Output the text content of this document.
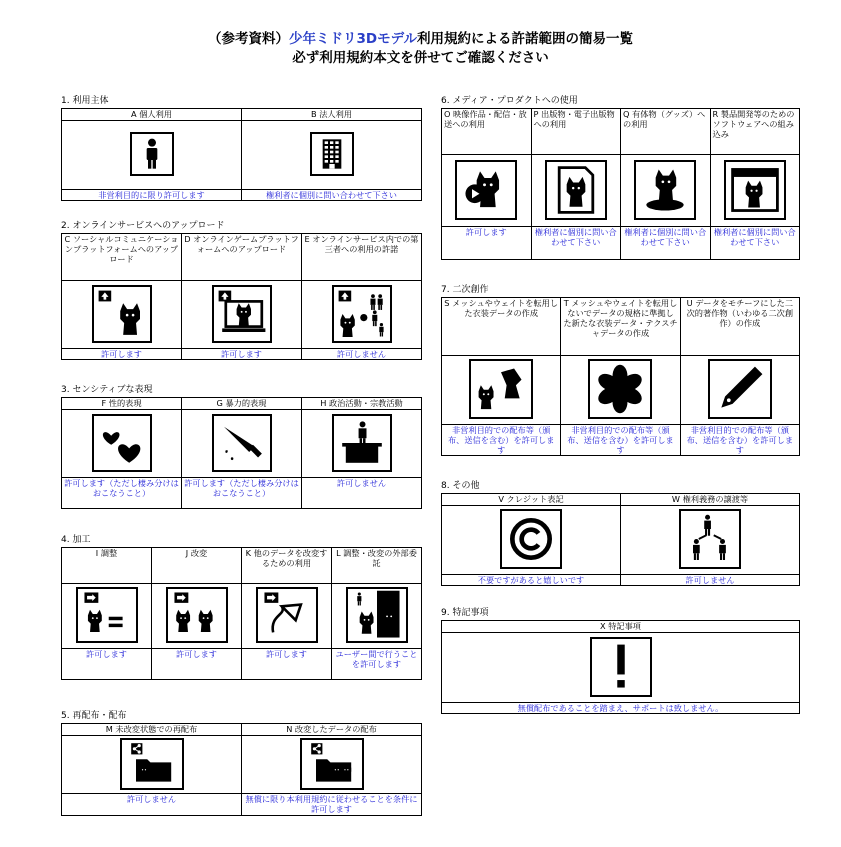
（参考資料）少年ミドリ3Dモデル利用規約による許諾範囲の簡易一覧
必ず利用規約本文を併せてご確認ください
1. 利用主体
A 個人利用	B 法人利用

非営利目的に限り許可します	権利者に個別に問い合わせて下さい
2. オンラインサービスへのアップロード
C ソーシャルコミュニケーションプラットフォームへのアップロード	D オンラインゲームプラットフォームへのアップロード	E オンラインサービス内での第三者への利用の許諾

許可します	許可します	許可しません
3. センシティブな表現
F 性的表現	G 暴力的表現	H 政治活動・宗教活動

許可します（ただし棲み分けはおこなうこと）	許可します（ただし棲み分けはおこなうこと）	許可しません
4. 加工
I 調整	J 改変	K 他のデータを改変するための利用	L 調整・改変の外部委託

許可します	許可します	許可します	ユーザー間で行うことを許可します
5. 再配布・配布
M 未改変状態での再配布	N 改変したデータの配布

許可しません	無償に限り本利用規約に従わせることを条件に許可します
6. メディア・プロダクトへの使用
O 映像作品・配信・放送への利用	P 出版物・電子出版物への利用	Q 有体物（グッズ）への利用	R 製品開発等のためのソフトウェアへの組み込み

許可します	権利者に個別に問い合わせて下さい	権利者に個別に問い合わせて下さい	権利者に個別に問い合わせて下さい
7. 二次創作
S メッシュやウェイトを転用した衣装データの作成	T メッシュやウェイトを転用しないでデータの規格に準拠した新たな衣装データ・テクスチャデータの作成	U データをモチーフにした二次的著作物（いわゆる二次創作）の作成

非営利目的での配布等（頒布、送信を含む）を許可します	非営利目的での配布等（頒布、送信を含む）を許可します	非営利目的での配布等（頒布、送信を含む）を許可します
8. その他
V クレジット表記	W 権利義務の譲渡等

不要ですがあると嬉しいです	許可しません
9. 特記事項
X 特記事項

無償配布であることを踏まえ、サポートは致しません。
